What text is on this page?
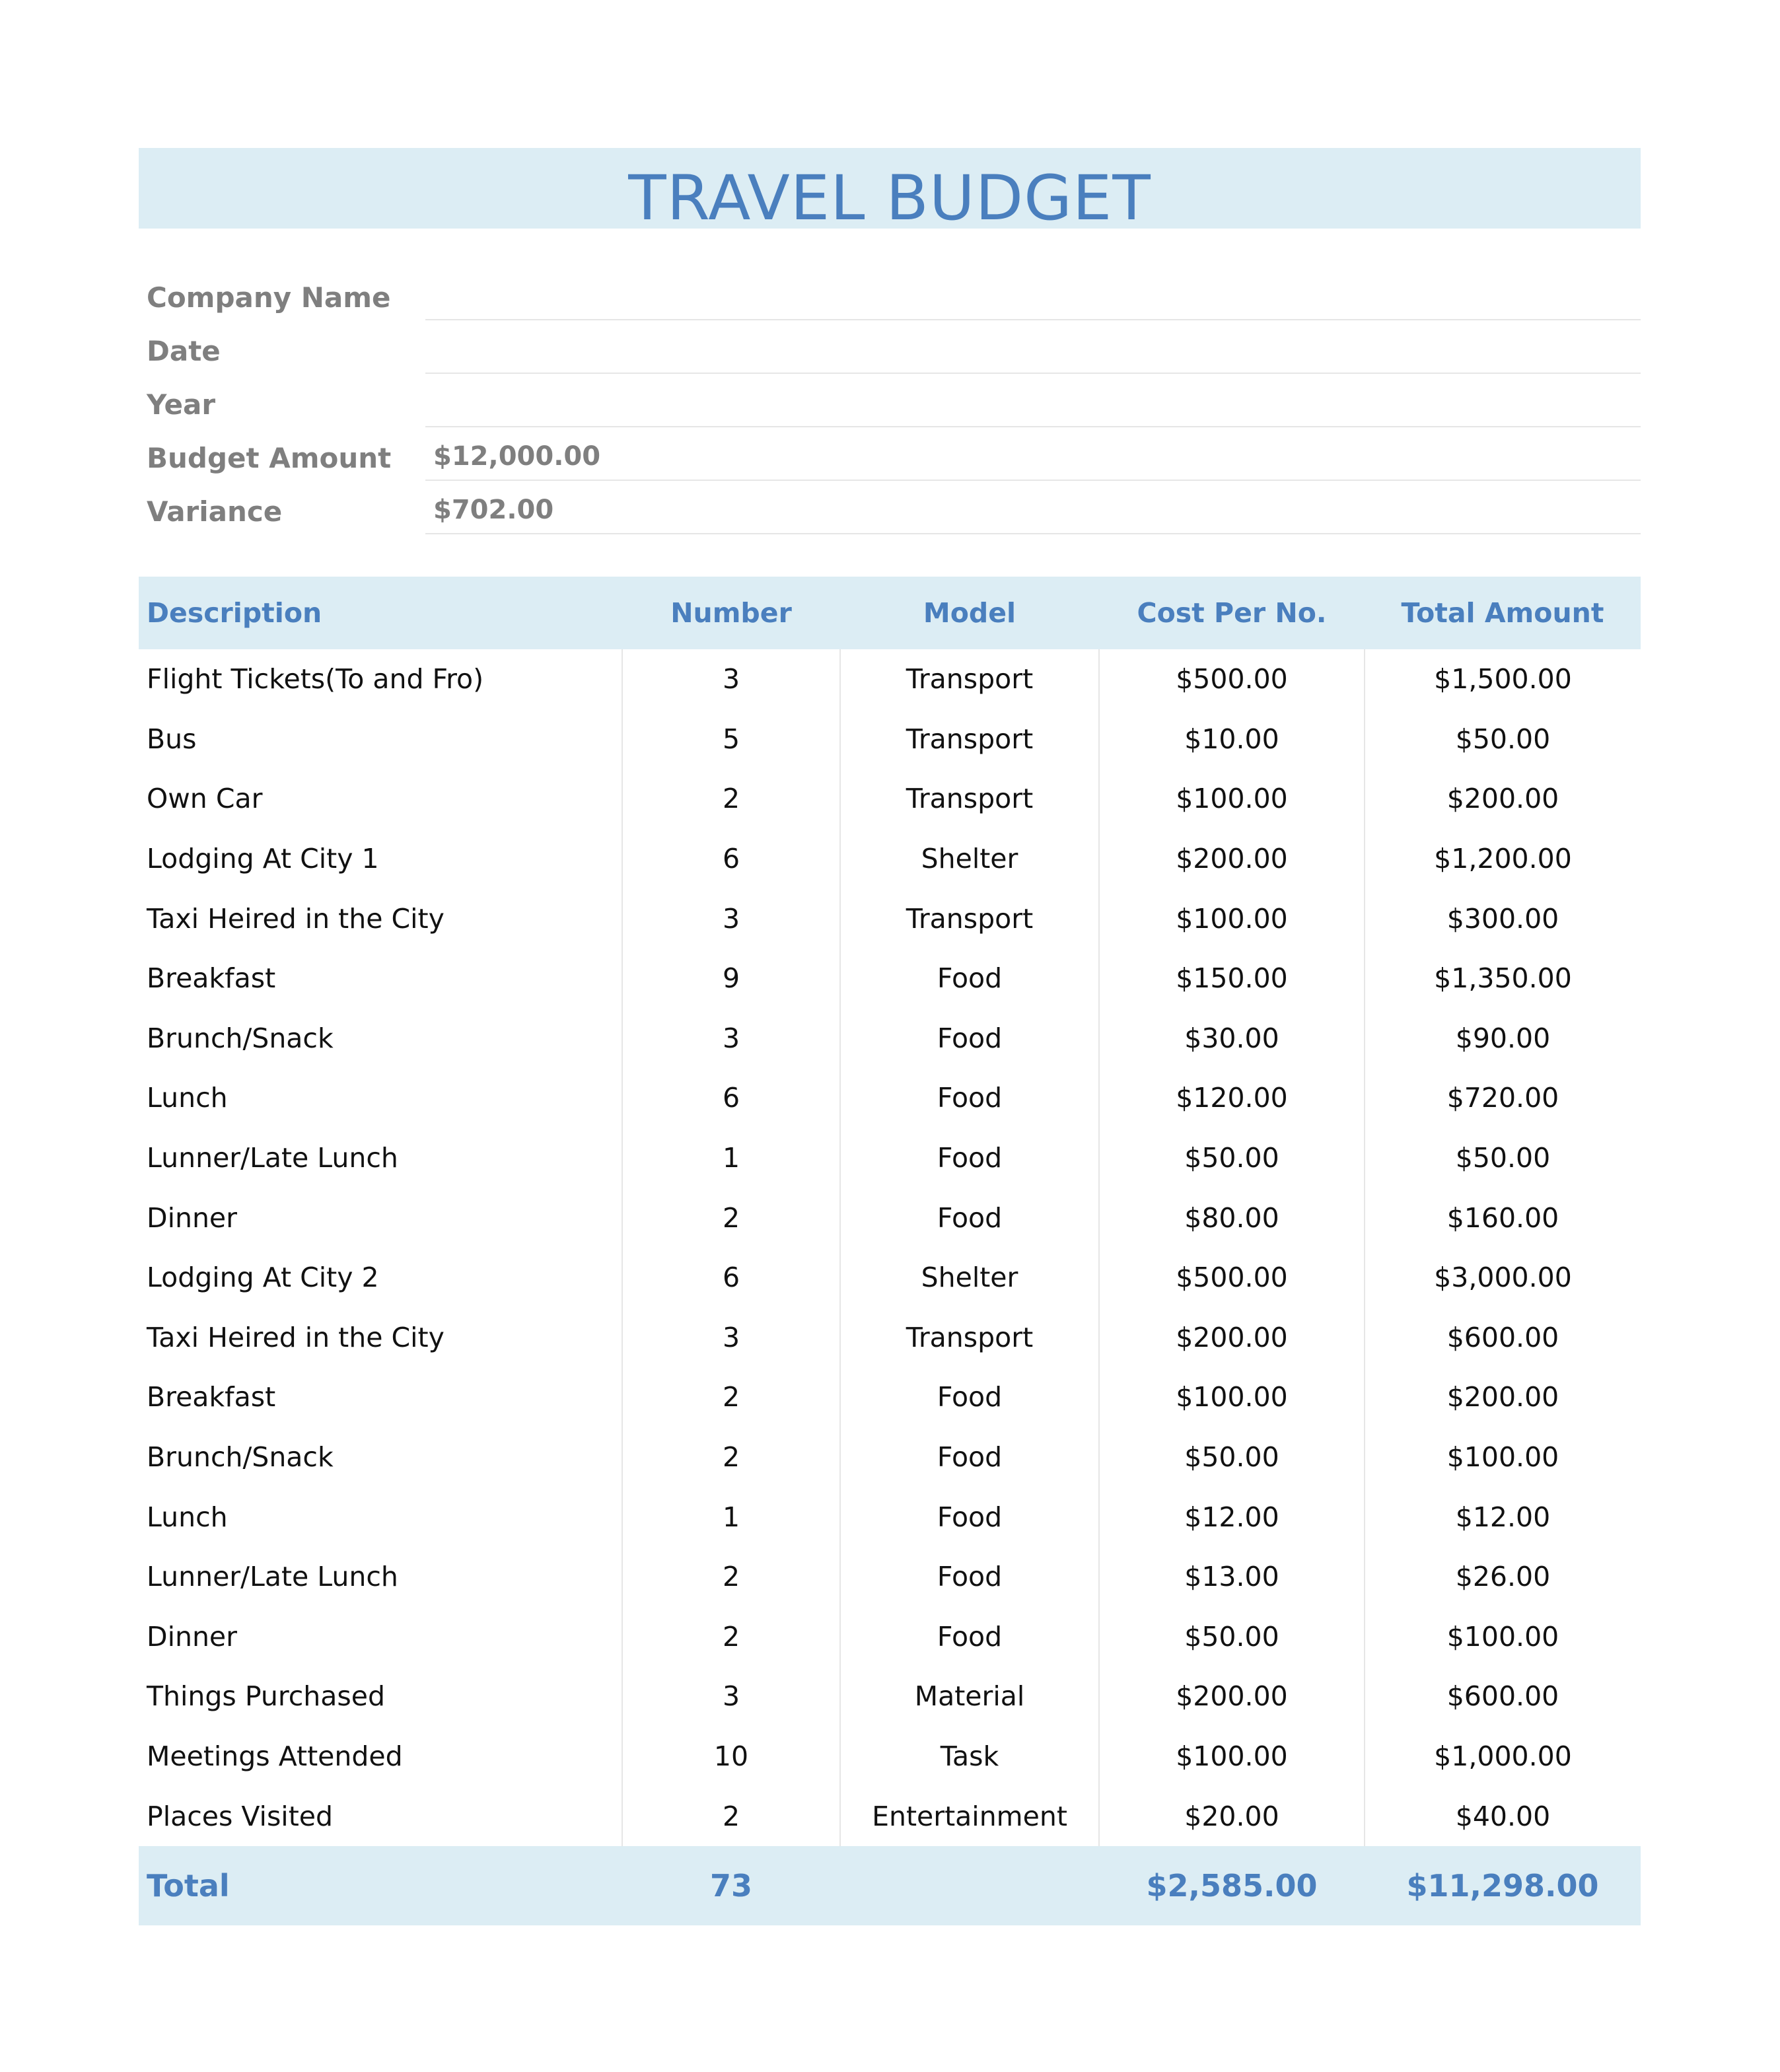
TRAVEL BUDGET
Company Name
Date
Year
Budget Amount	$12,000.00
Variance	$702.00
Description	Number	Model	Cost Per No.	Total Amount
Flight Tickets(To and Fro)	3	Transport	$500.00	$1,500.00
Bus	5	Transport	$10.00	$50.00
Own Car	2	Transport	$100.00	$200.00
Lodging At City 1	6	Shelter	$200.00	$1,200.00
Taxi Heired in the City	3	Transport	$100.00	$300.00
Breakfast	9	Food	$150.00	$1,350.00
Brunch/Snack	3	Food	$30.00	$90.00
Lunch	6	Food	$120.00	$720.00
Lunner/Late Lunch	1	Food	$50.00	$50.00
Dinner	2	Food	$80.00	$160.00
Lodging At City 2	6	Shelter	$500.00	$3,000.00
Taxi Heired in the City	3	Transport	$200.00	$600.00
Breakfast	2	Food	$100.00	$200.00
Brunch/Snack	2	Food	$50.00	$100.00
Lunch	1	Food	$12.00	$12.00
Lunner/Late Lunch	2	Food	$13.00	$26.00
Dinner	2	Food	$50.00	$100.00
Things Purchased	3	Material	$200.00	$600.00
Meetings Attended	10	Task	$100.00	$1,000.00
Places Visited	2	Entertainment	$20.00	$40.00
Total	73		$2,585.00	$11,298.00
